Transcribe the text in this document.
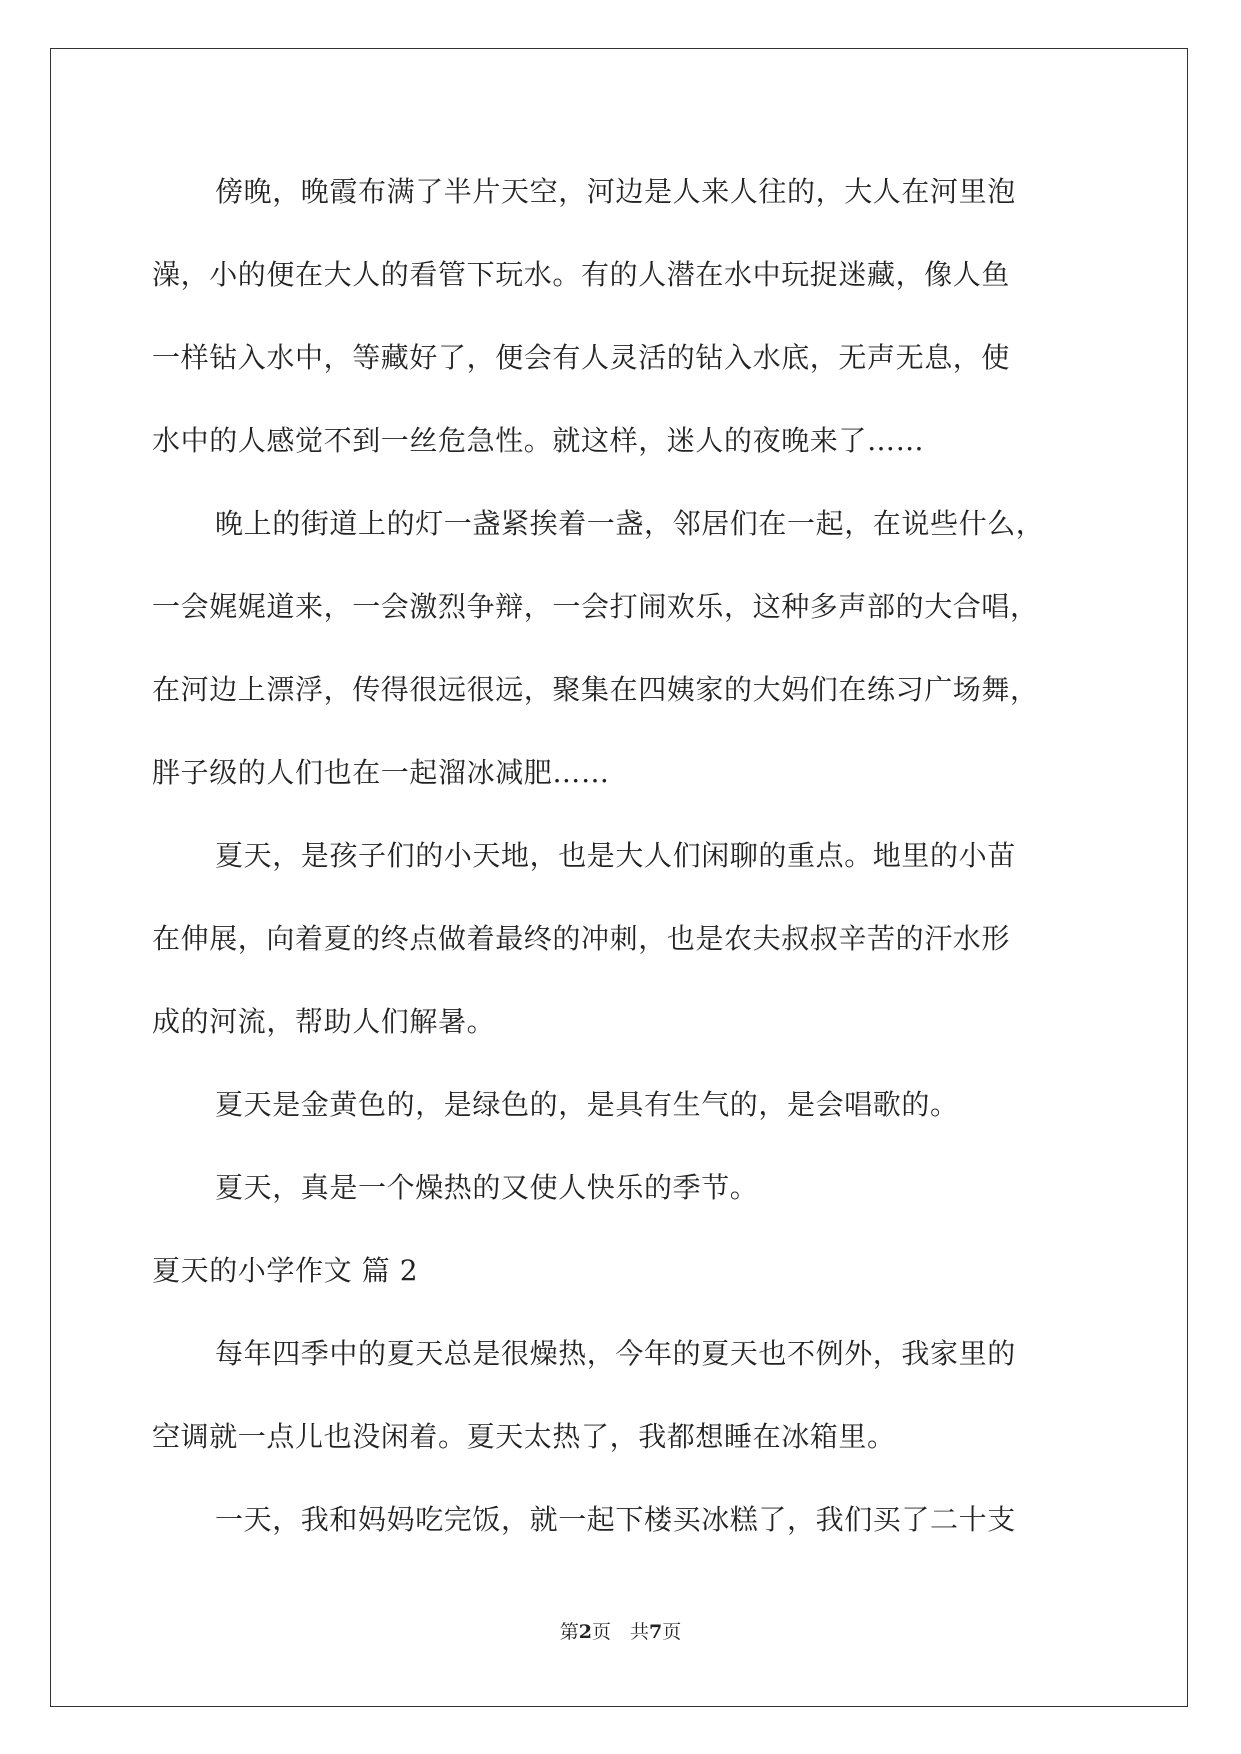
傍晚，晚霞布满了半片天空，河边是人来人往的，大人在河里泡
澡，小的便在大人的看管下玩水。有的人潜在水中玩捉迷藏，像人鱼
一样钻入水中，等藏好了，便会有人灵活的钻入水底，无声无息，使
水中的人感觉不到一丝危急性。就这样，迷人的夜晚来了……
晚上的街道上的灯一盏紧挨着一盏，邻居们在一起，在说些什么，
一会娓娓道来，一会激烈争辩，一会打闹欢乐，这种多声部的大合唱，
在河边上漂浮，传得很远很远，聚集在四姨家的大妈们在练习广场舞，
胖子级的人们也在一起溜冰减肥……
夏天，是孩子们的小天地，也是大人们闲聊的重点。地里的小苗
在伸展，向着夏的终点做着最终的冲刺，也是农夫叔叔辛苦的汗水形
成的河流，帮助人们解暑。
夏天是金黄色的，是绿色的，是具有生气的，是会唱歌的。
夏天，真是一个燥热的又使人快乐的季节。
夏天的小学作文 篇 2
每年四季中的夏天总是很燥热，今年的夏天也不例外，我家里的
空调就一点儿也没闲着。夏天太热了，我都想睡在冰箱里。
一天，我和妈妈吃完饭，就一起下楼买冰糕了，我们买了二十支
第2页　共7页
